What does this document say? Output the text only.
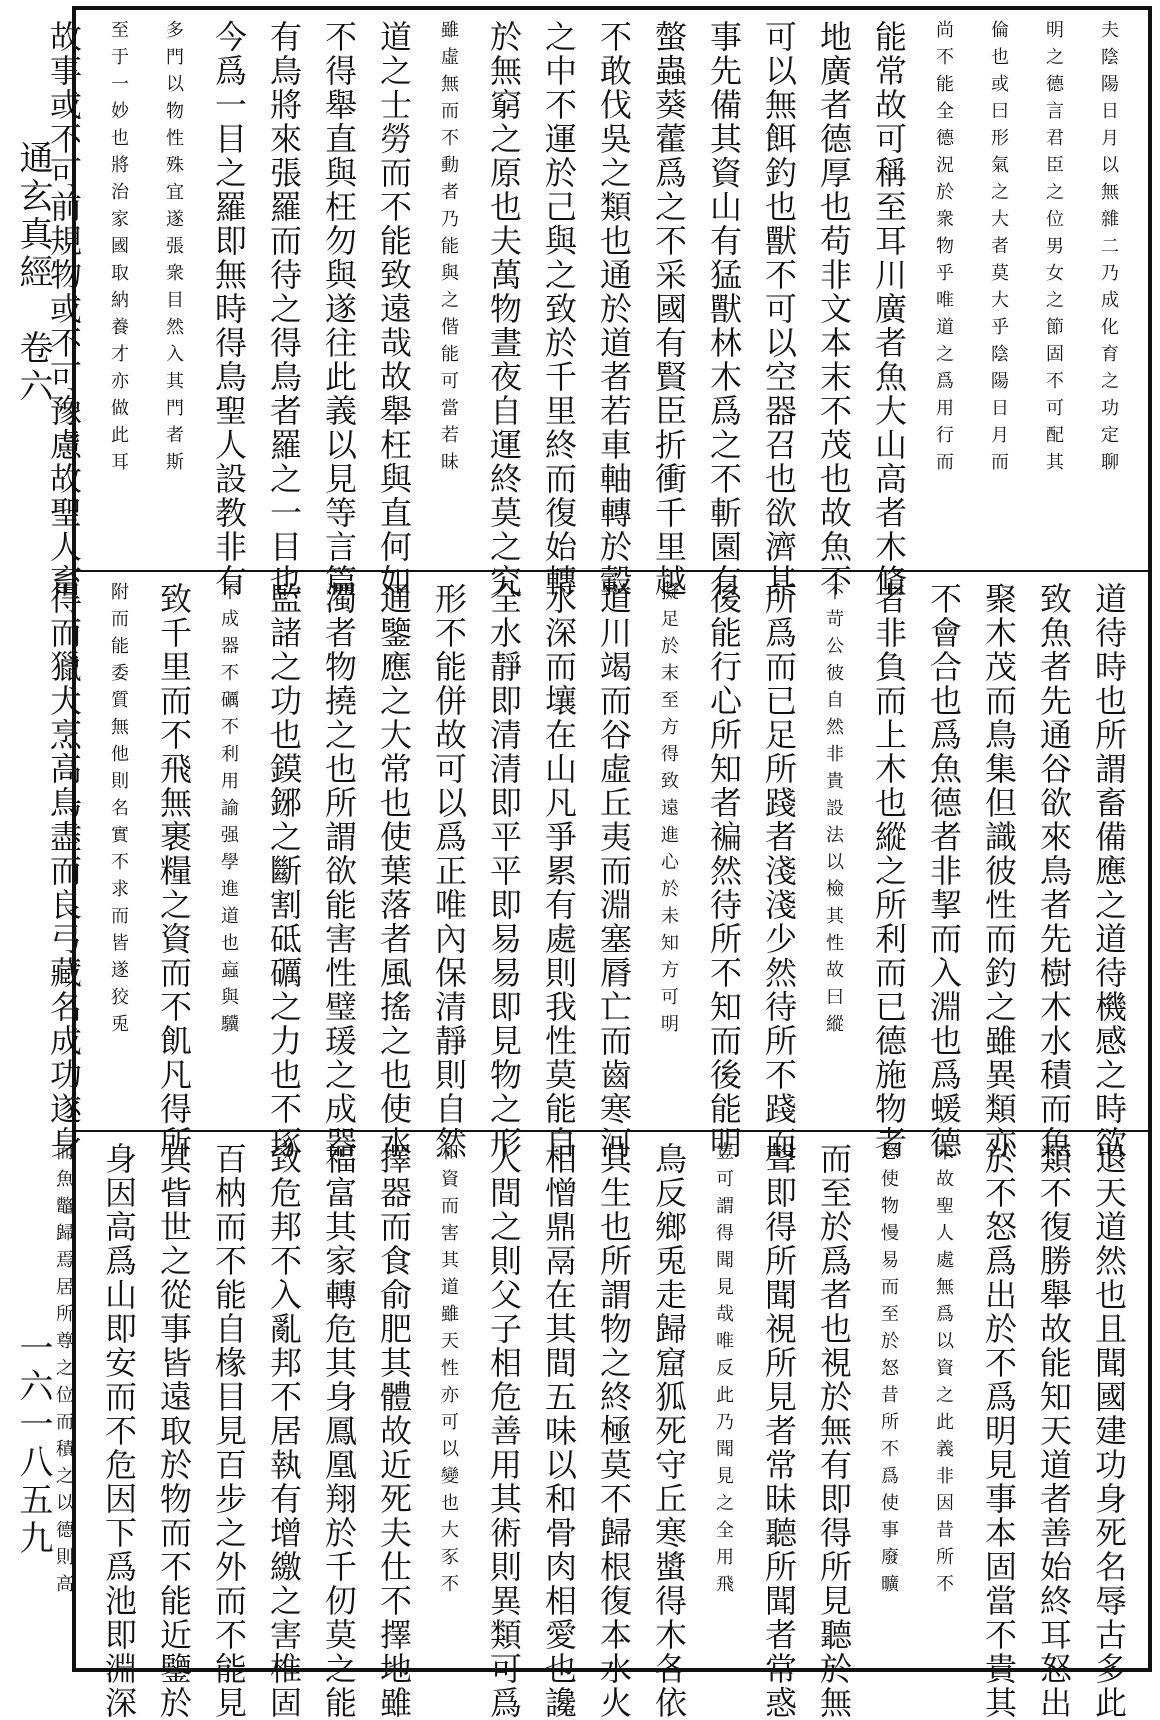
通玄真經　卷六
一六一八五九
夫陰陽日月以無雜二乃成化育之功定聊
明之德言君臣之位男女之節固不可配其
倫也或曰形氣之大者莫大乎陰陽日月而
尚不能全德況於衆物乎唯道之爲用行而
能常故可稱至耳川廣者魚大山高者木脩
地廣者德厚也苟非文本末不茂也故魚不
可以無餌釣也獸不可以空器召也欲濟其
事先備其資山有猛獸林木爲之不斬園有
螫蟲葵藿爲之不采國有賢臣折衝千里越
不敢伐吳之類也通於道者若車軸轉於轂
之中不運於己與之致於千里終而復始轉
於無窮之原也夫萬物晝夜自運終莫之究
雖虛無而不動者乃能與之偕能可當若昧
道之士勞而不能致遠哉故舉枉與直何如
不得舉直與枉勿與遂往此義以見等言篇
有鳥將來張羅而待之得鳥者羅之一目也
今爲一目之羅即無時得鳥聖人設教非有
多門以物性殊宜遂張衆目然入其門者斯
至于一妙也將治家國取納養才亦做此耳
故事或不可前規物或不可豫慮故聖人畜
道待時也所謂畜備應之道待機感之時欲
致魚者先通谷欲來鳥者先樹木水積而魚
聚木茂而鳥集但識彼性而釣之雖異類亦
不會合也爲魚德者非挈而入淵也爲蝯德
者非負而上木也縱之所利而已德施物者
不苛公彼自然非貴設法以檢其性故曰縱
所爲而已足所踐者淺淺少然待所不踐而
後能行心所知者褊然待所不知而後能明
擬足於末至方得致遠進心於未知方可明
道川竭而谷虛丘夷而淵塞脣亡而齒寒河
水深而壤在山凡爭累有處則我性莫能自
全水靜即清清即平平即易易即見物之形
形不能併故可以爲正唯內保清靜則自然
通鑒應之大常也使葉落者風搖之也使水
濁者物撓之也所謂欲能害性璧瑗之成器
監諸之功也鏌鋣之斷割砥礪之力也不琢
不成器不礪不利用諭强學進道也蝱與驥
致千里而不飛無裹糧之資而不飢凡得所
附而能委質無他則名實不求而皆遂狡兎
得而獵犬烹高鳥盡而良弓藏名成功遂身
退天道然也且聞國建功身死名辱古多此
類不復勝舉故能知天道者善始終耳怒出
於不怒爲出於不爲明見事本固當不貴其
末故聖人處無爲以資之此義非因昔所不
怒使物慢易而至於怒昔所不爲使事廢曠
而至於爲者也視於無有即得所見聽於無
聲即得所聞視所見者常昧聽所聞者常惑
豈可謂得聞見哉唯反此乃聞見之全用飛
鳥反鄉兎走歸窟狐死守丘寒螿得木各依
其生也所謂物之終極莫不歸根復本水火
相憎鼎鬲在其間五味以和骨肉相愛也讒
人間之則父子相危善用其術則異類可爲
和資而害其道雖天性亦可以變也大豕不
擇器而食俞肥其體故近死夫仕不擇地雖
福富其家轉危其身鳳凰翔於千仞莫之能
致危邦不入亂邦不居執有增繳之害椎固
百枘而不能自椽目見百步之外而不能見
其眥世之從事皆遠取於物而不能近鑒於
身因高爲山即安而不危因下爲池即淵深
而魚鼈歸焉居所尊之位而積之以德則高
